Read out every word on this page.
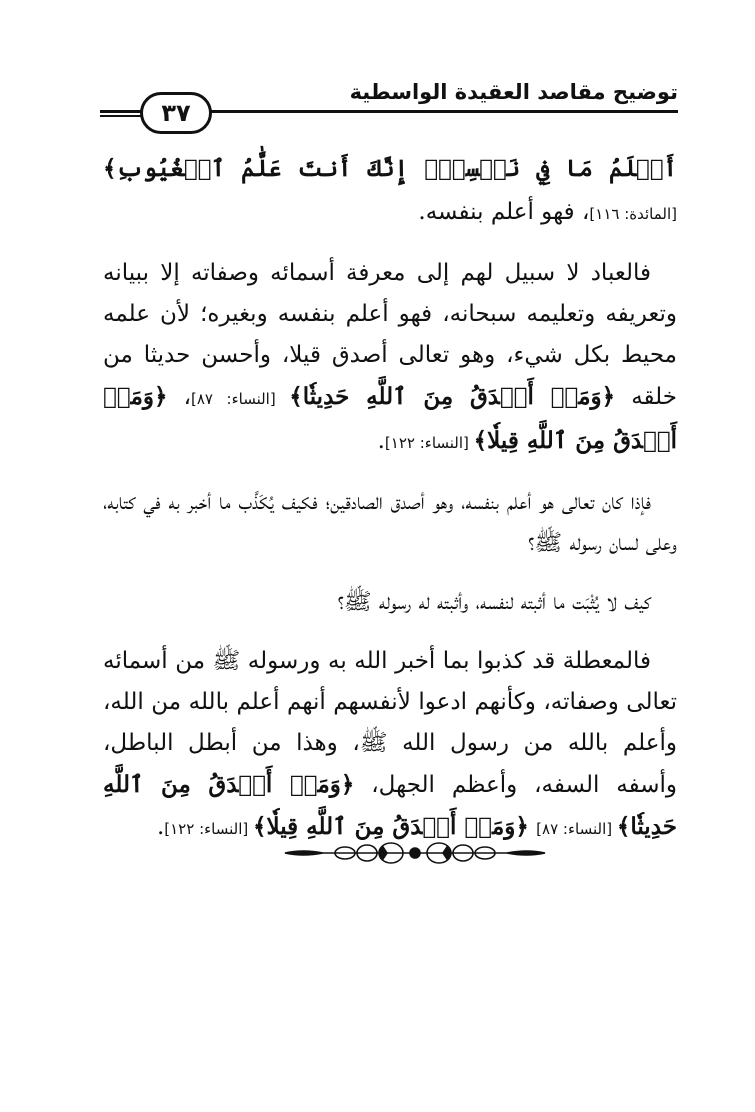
توضيح مقاصد العقيدة الواسطية
٣٧

أَعۡلَمُ مَا فِي نَفۡسِكَۚ إِنَّكَ أَنتَ عَلَّٰمُ ٱلۡغُيُوبِ﴾ [المائدة: ١١٦]، فهو أعلم بنفسه.

فالعباد لا سبيل لهم إلى معرفة أسمائه وصفاته إلا ببيانه وتعريفه وتعليمه سبحانه، فهو أعلم بنفسه وبغيره؛ لأن علمه محيط بكل شيء، وهو تعالى أصدق قيلا، وأحسن حديثا من خلقه ﴿وَمَنۡ أَصۡدَقُ مِنَ ٱللَّهِ حَدِيثٗا﴾ [النساء: ٨٧]، ﴿وَمَنۡ أَصۡدَقُ مِنَ ٱللَّهِ قِيلٗا﴾ [النساء: ١٢٢].

فإذا كان تعالى هو أعلم بنفسه، وهو أصدق الصادقين؛ فكيف يُكَذَّب ما أخبر به في كتابه، وعلى لسان رسوله ﷺ؟

كيف لا يُثْبَت ما أثبته لنفسه، وأثبته له رسوله ﷺ؟

فالمعطلة قد كذبوا بما أخبر الله به ورسوله ﷺ من أسمائه تعالى وصفاته، وكأنهم ادعوا لأنفسهم أنهم أعلم بالله من الله، وأعلم بالله من رسول الله ﷺ، وهذا من أبطل الباطل، وأسفه السفه، وأعظم الجهل، ﴿وَمَنۡ أَصۡدَقُ مِنَ ٱللَّهِ حَدِيثٗا﴾ [النساء: ٨٧] ﴿وَمَنۡ أَصۡدَقُ مِنَ ٱللَّهِ قِيلٗا﴾ [النساء: ١٢٢].
